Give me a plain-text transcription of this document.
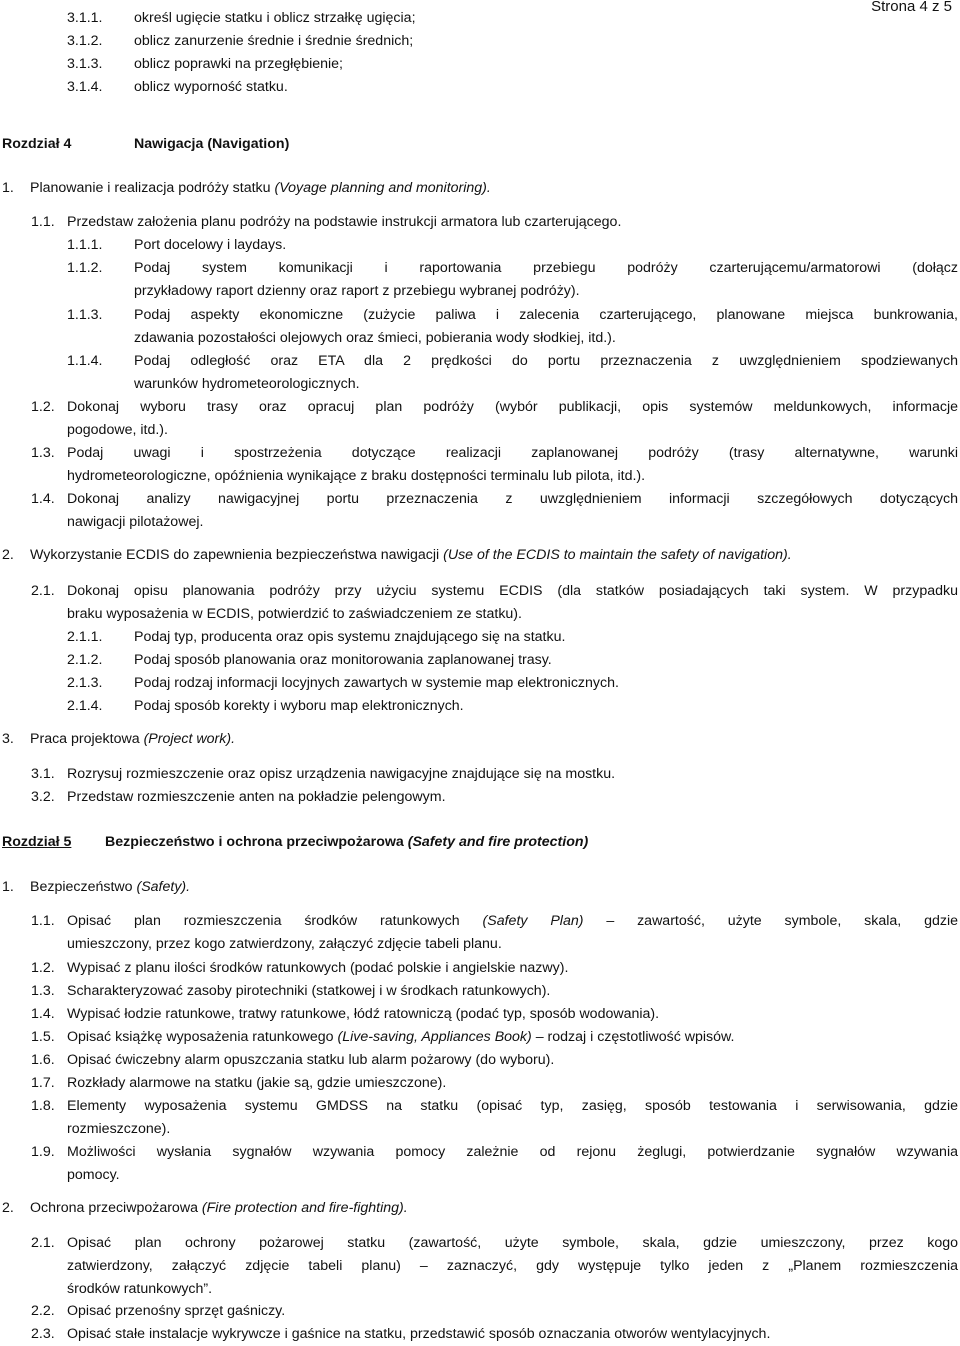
Strona 4 z 5
3.1.1. określ ugięcie statku i oblicz strzałkę ugięcia;
3.1.2. oblicz zanurzenie średnie i średnie średnich;
3.1.3. oblicz poprawki na przegłębienie;
3.1.4. oblicz wyporność statku.
Rozdział 4	Nawigacja (Navigation)
1. Planowanie i realizacja podróży statku (Voyage planning and monitoring).
1.1. Przedstaw założenia planu podróży na podstawie instrukcji armatora lub czarterującego.
1.1.1. Port docelowy i laydays.
1.1.2. Podaj system komunikacji i raportowania przebiegu podróży czarterującemu/armatorowi (dołącz
przykładowy raport dzienny oraz raport z przebiegu wybranej podróży).
1.1.3. Podaj aspekty ekonomiczne (zużycie paliwa i zalecenia czarterującego, planowane miejsca bunkrowania,
zdawania pozostałości olejowych oraz śmieci, pobierania wody słodkiej, itd.).
1.1.4. Podaj odległość oraz ETA dla 2 prędkości do portu przeznaczenia z uwzględnieniem spodziewanych
warunków hydrometeorologicznych.
1.2. Dokonaj wyboru trasy oraz opracuj plan podróży (wybór publikacji, opis systemów meldunkowych, informacje
pogodowe, itd.).
1.3. Podaj uwagi i spostrzeżenia dotyczące realizacji zaplanowanej podróży (trasy alternatywne, warunki
hydrometeorologiczne, opóźnienia wynikające z braku dostępności terminalu lub pilota, itd.).
1.4. Dokonaj analizy nawigacyjnej portu przeznaczenia z uwzględnieniem informacji szczegółowych dotyczących
nawigacji pilotażowej.
2. Wykorzystanie ECDIS do zapewnienia bezpieczeństwa nawigacji (Use of the ECDIS to maintain the safety of navigation).
2.1. Dokonaj opisu planowania podróży przy użyciu systemu ECDIS (dla statków posiadających taki system. W przypadku
braku wyposażenia w ECDIS, potwierdzić to zaświadczeniem ze statku).
2.1.1. Podaj typ, producenta oraz opis systemu znajdującego się na statku.
2.1.2. Podaj sposób planowania oraz monitorowania zaplanowanej trasy.
2.1.3. Podaj rodzaj informacji locyjnych zawartych w systemie map elektronicznych.
2.1.4. Podaj sposób korekty i wyboru map elektronicznych.
3. Praca projektowa (Project work).
3.1. Rozrysuj rozmieszczenie oraz opisz urządzenia nawigacyjne znajdujące się na mostku.
3.2. Przedstaw rozmieszczenie anten na pokładzie pelengowym.
Rozdział 5 Bezpieczeństwo i ochrona przeciwpożarowa (Safety and fire protection)
1. Bezpieczeństwo (Safety).
1.1. Opisać plan rozmieszczenia środków ratunkowych (Safety Plan) – zawartość, użyte symbole, skala, gdzie
umieszczony, przez kogo zatwierdzony, załączyć zdjęcie tabeli planu.
1.2. Wypisać z planu ilości środków ratunkowych (podać polskie i angielskie nazwy).
1.3. Scharakteryzować zasoby pirotechniki (statkowej i w środkach ratunkowych).
1.4. Wypisać łodzie ratunkowe, tratwy ratunkowe, łódź ratowniczą (podać typ, sposób wodowania).
1.5. Opisać książkę wyposażenia ratunkowego (Live-saving, Appliances Book) – rodzaj i częstotliwość wpisów.
1.6. Opisać ćwiczebny alarm opuszczania statku lub alarm pożarowy (do wyboru).
1.7. Rozkłady alarmowe na statku (jakie są, gdzie umieszczone).
1.8. Elementy wyposażenia systemu GMDSS na statku (opisać typ, zasięg, sposób testowania i serwisowania, gdzie
rozmieszczone).
1.9. Możliwości wysłania sygnałów wzywania pomocy zależnie od rejonu żeglugi, potwierdzanie sygnałów wzywania
pomocy.
2. Ochrona przeciwpożarowa (Fire protection and fire-fighting).
2.1. Opisać plan ochrony pożarowej statku (zawartość, użyte symbole, skala, gdzie umieszczony, przez kogo
zatwierdzony, załączyć zdjęcie tabeli planu) – zaznaczyć, gdy występuje tylko jeden z „Planem rozmieszczenia
środków ratunkowych”.
2.2. Opisać przenośny sprzęt gaśniczy.
2.3. Opisać stałe instalacje wykrywcze i gaśnice na statku, przedstawić sposób oznaczania otworów wentylacyjnych.
